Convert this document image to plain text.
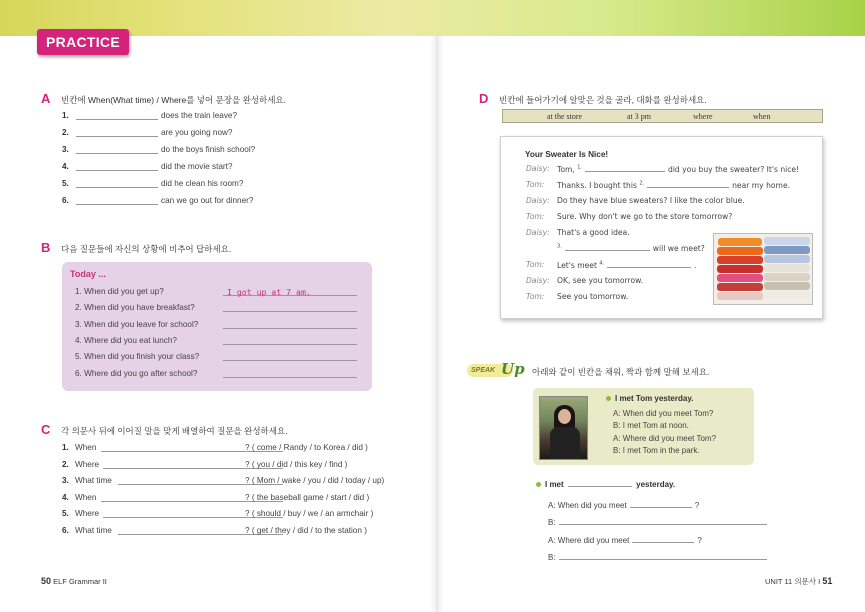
PRACTICE
A 빈칸에 When(What time) / Where를 넣어 문장을 완성하세요.
1.	does the train leave?
2.	are you going now?
3.	do the boys finish school?
4.	did the movie start?
5.	did he clean his room?
6.	can we go out for dinner?
B 다음 질문들에 자신의 상황에 비추어 답하세요.
Today ...
1. When did you get up?	I got up at 7 am.
2. When did you have breakfast?
3. When did you leave for school?
4. Where did you eat lunch?
5. When did you finish your class?
6. Where did you go after school?
C 각 의문사 뒤에 이어질 말을 맞게 배열하여 질문을 완성하세요.
1. When	? ( come / Randy / to Korea / did )
2. Where	? ( you / did / this key / find )
3. What time	? ( Mom / wake / you / did / today / up)
4. When	? ( the baseball game / start / did )
5. Where	? ( should / buy / we / an armchair )
6. What time	? ( get / they / did / to the station )
D 빈칸에 들어가기에 알맞은 것을 골라, 대화를 완성하세요.
at the store	at 3 pm	where	when
Your Sweater Is Nice!
Daisy: Tom, $^{1.}$	did you buy the sweater? It's nice!
Tom: Thanks. I bought this $^{2.}$	near my home.
Daisy: Do they have blue sweaters? I like the color blue.
Tom: Sure. Why don't we go to the store tomorrow?
Daisy: That's a good idea.
$^{3.}$	will we meet?
Tom: Let's meet $^{4.}$	.
Daisy: OK, see you tomorrow.
Tom: See you tomorrow.
SPEAK Up 아래와 같이 빈칸을 채워, 짝과 함께 말해 보세요.
I met Tom yesterday.
A: When did you meet Tom?
B: I met Tom at noon.
A: Where did you meet Tom?
B: I met Tom in the park.
I met	yesterday.
A: When did you meet	?
B:
A: Where did you meet	?
B:
50 ELF Grammar II	UNIT 11 의문사 I 51
